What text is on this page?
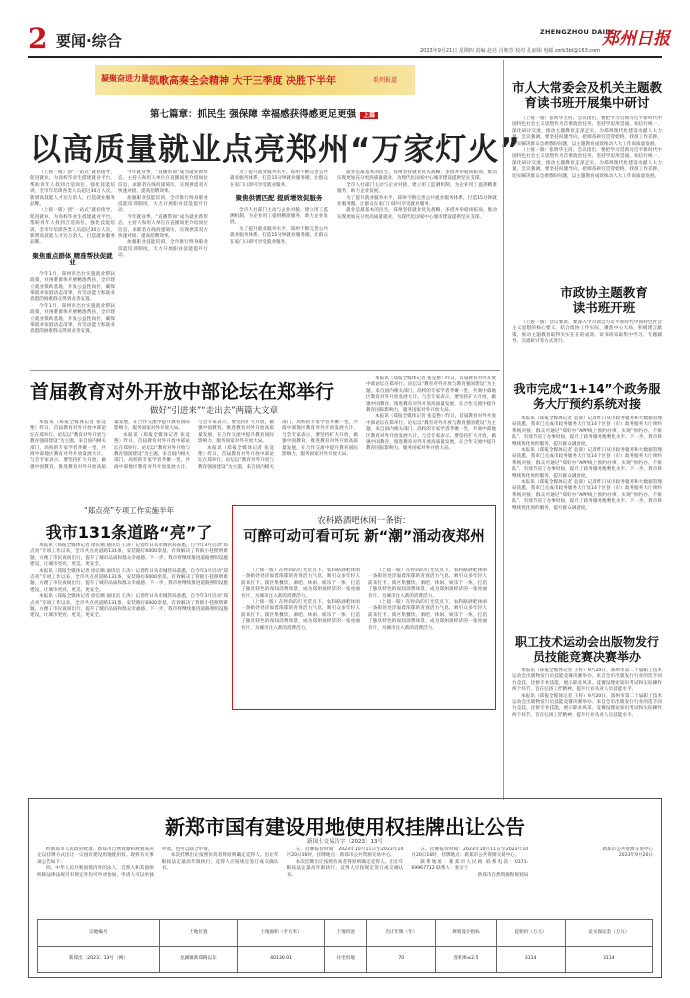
2 要闻·综合	ZHENGZHOU DAILY
郑州日报
2023年9月21日 星期四 责编 赵亮 肖朝芳 校对 孔丽娟 电邮 zzrb3bl@163.com
凝聚奋进力量 凯歌高奏全会精神 大干三季度 决胜下半年	系列报道
第七篇章：抓民生 强保障 幸福感获得感更足更强 上篇
以高质量就业点亮郑州“万家灯火”

（上接一版）创“一站式”就业指导，促进就业，为高校毕业生搭建就业平台，帮助青年人找到合适岗位。强化技能培训，全市年培训各类人员超过30万人次，新增高技能人才达万余人，打造就业服务品牌。

（上接一版）创“一站式”就业指导，促进就业，为高校毕业生搭建就业平台，帮助青年人找到合适岗位。强化技能培训，全市年培训各类人员超过30万人次，新增高技能人才达万余人，打造就业服务品牌。

聚焦重点群体 精准帮扶促就业

今年1月，郑州市出台实施就业帮扶政策，对困难群体开展精准帮扶，全市建立就业援助基地，开发公益性岗位，确保零就业家庭动态清零，有劳动能力和就业意愿的困难群众得到妥善安置。

今年1月，郑州市出台实施就业帮扶政策，对困难群体开展精准帮扶，全市建立就业援助基地，开发公益性岗位，确保零就业家庭动态清零，有劳动能力和就业意愿的困难群众得到妥善安置。

今年就业季，“直播带岗”成为就业新形态，主持人和用人单位在直播间里介绍岗位信息，求职者在线投递简历，实现供需双方快速对接，提高招聘效率。

加强职业技能培训，全市推行终身职业技能培训制度，大力开展职业技能提升行动。

今年就业季，“直播带岗”成为就业新形态，主持人和用人单位在直播间里介绍岗位信息，求职者在线投递简历，实现供需双方快速对接，提高招聘效率。

加强职业技能培训，全市推行终身职业技能培训制度，大力开展职业技能提升行动。

为了提升就业服务水平，郑州不断完善公共就业服务体系，打造15分钟就业服务圈，让群众在家门口即可享受就业服务。

聚焦供需匹配 提质增效促服务

全市人社部门主动与企业对接，建立用工监测机制，为企业用工提供精准服务，助力企业发展。

为了提升就业服务水平，郑州不断完善公共就业服务体系，打造15分钟就业服务圈，让群众在家门口即可享受就业服务。

就业是最基本的民生。郑州坚持就业优先战略，多措并举稳岗拓岗，推动实现更加充分更高质量就业，为现代化国家中心城市建设提供坚实支撑。

全市人社部门主动与企业对接，建立用工监测机制，为企业用工提供精准服务，助力企业发展。

为了提升就业服务水平，郑州不断完善公共就业服务体系，打造15分钟就业服务圈，让群众在家门口即可享受就业服务。

就业是最基本的民生。郑州坚持就业优先战略，多措并举稳岗拓岗，推动实现更加充分更高质量就业，为现代化国家中心城市建设提供坚实支撑。

市人大常委会及机关主题教育读书班开展集中研讨

（上接一版）张明华主持。会议指出，要把学习贯彻习近平新时代中国特色社会主义思想作为首要政治任务，坚持学思用贯通、知信行统一，深化研讨交流，推动主题教育走深走实，为郑州现代化建设贡献人大力量。会议强调，要坚持问题导向，把调查研究贯穿始终，找准工作差距，切实解决群众急难愁盼问题，以主题教育成效推动人大工作高质量发展。

（上接一版）张明华主持。会议指出，要把学习贯彻习近平新时代中国特色社会主义思想作为首要政治任务，坚持学思用贯通、知信行统一，深化研讨交流，推动主题教育走深走实，为郑州现代化建设贡献人大力量。会议强调，要坚持问题导向，把调查研究贯穿始终，找准工作差距，切实解决群众急难愁盼问题，以主题教育成效推动人大工作高质量发展。

市政协主题教育读书班开班

（上接一版）会议要求，要深入学习领会习近平新时代中国特色社会主义思想的核心要义，结合政协工作实际，聚焦中心大局，积极建言献策，推动主题教育取得实实在在的成效。读书班采取集中学习、专题辅导、交流研讨等方式进行。

首届教育对外开放中部论坛在郑举行
做好“引进来”“走出去”两篇大文章

本报讯（郑报全媒体记者 张竞艳）昨日，首届教育对外开放中部论坛在郑举行。论坛以“教育对外开放与教育强国建设”为主题，来自国内相关部门、高校的专家学者齐聚一堂，共商中部地区教育对外开放发展大计。与会专家表示，要坚持扩大开放，做强中国教育，推进教育对外开放高质量发展，在合作交流中提升教育国际影响力，服务国家对外开放大局。

本报讯（郑报全媒体记者 张竞艳）昨日，首届教育对外开放中部论坛在郑举行。论坛以“教育对外开放与教育强国建设”为主题，来自国内相关部门、高校的专家学者齐聚一堂，共商中部地区教育对外开放发展大计。与会专家表示，要坚持扩大开放，做强中国教育，推进教育对外开放高质量发展，在合作交流中提升教育国际影响力，服务国家对外开放大局。

本报讯（郑报全媒体记者 张竞艳）昨日，首届教育对外开放中部论坛在郑举行。论坛以“教育对外开放与教育强国建设”为主题，来自国内相关部门、高校的专家学者齐聚一堂，共商中部地区教育对外开放发展大计。与会专家表示，要坚持扩大开放，做强中国教育，推进教育对外开放高质量发展，在合作交流中提升教育国际影响力，服务国家对外开放大局。

本报讯（郑报全媒体记者 张竞艳）昨日，首届教育对外开放中部论坛在郑举行。论坛以“教育对外开放与教育强国建设”为主题，来自国内相关部门、高校的专家学者齐聚一堂，共商中部地区教育对外开放发展大计。与会专家表示，要坚持扩大开放，做强中国教育，推进教育对外开放高质量发展，在合作交流中提升教育国际影响力，服务国家对外开放大局。

本报讯（郑报全媒体记者 张竞艳）昨日，首届教育对外开放中部论坛在郑举行。论坛以“教育对外开放与教育强国建设”为主题，来自国内相关部门、高校的专家学者齐聚一堂，共商中部地区教育对外开放发展大计。与会专家表示，要坚持扩大开放，做强中国教育，推进教育对外开放高质量发展，在合作交流中提升教育国际影响力，服务国家对外开放大局。

“郑点亮”专项工作实施半年
我市131条道路“亮”了

本报讯（郑报全媒体记者 徐长顺 通讯员 王涛）记者昨日从市城管局获悉，自今年3月启动“郑点亮”专项工作以来，全市共点亮道路131条，安装路灯6000余基，有效解决了背街小巷照明难题，方便了市民夜间出行，提升了城市品质和群众幸福感。下一步，我市将继续推进道路照明设施建设，让城市更亮、更美、更安全。

本报讯（郑报全媒体记者 徐长顺 通讯员 王涛）记者昨日从市城管局获悉，自今年3月启动“郑点亮”专项工作以来，全市共点亮道路131条，安装路灯6000余基，有效解决了背街小巷照明难题，方便了市民夜间出行，提升了城市品质和群众幸福感。下一步，我市将继续推进道路照明设施建设，让城市更亮、更美、更安全。

本报讯（郑报全媒体记者 徐长顺 通讯员 王涛）记者昨日从市城管局获悉，自今年3月启动“郑点亮”专项工作以来，全市共点亮道路131条，安装路灯6000余基，有效解决了背街小巷照明难题，方便了市民夜间出行，提升了城市品质和群众幸福感。下一步，我市将继续推进道路照明设施建设，让城市更亮、更美、更安全。

农科路酒吧休闲一条街：
可醉可动可看可玩 新“潮”涌动夜郑州

（上接一版）在时尚的灯光装点下，农科路酒吧休闲一条街处处洋溢着浓郁的青春活力气息，吸引众多年轻人前来打卡。街区集餐饮、酒吧、休闲、娱乐于一体，打造了独具特色的夜间消费场景，成为郑州夜经济的一张亮丽名片，为城市注入新的消费活力。

（上接一版）在时尚的灯光装点下，农科路酒吧休闲一条街处处洋溢着浓郁的青春活力气息，吸引众多年轻人前来打卡。街区集餐饮、酒吧、休闲、娱乐于一体，打造了独具特色的夜间消费场景，成为郑州夜经济的一张亮丽名片，为城市注入新的消费活力。

（上接一版）在时尚的灯光装点下，农科路酒吧休闲一条街处处洋溢着浓郁的青春活力气息，吸引众多年轻人前来打卡。街区集餐饮、酒吧、休闲、娱乐于一体，打造了独具特色的夜间消费场景，成为郑州夜经济的一张亮丽名片，为城市注入新的消费活力。

（上接一版）在时尚的灯光装点下，农科路酒吧休闲一条街处处洋溢着浓郁的青春活力气息，吸引众多年轻人前来打卡。街区集餐饮、酒吧、休闲、娱乐于一体，打造了独具特色的夜间消费场景，成为郑州夜经济的一张亮丽名片，为城市注入新的消费活力。

我市完成“1+14”个政务服务大厅预约系统对接

本报讯（郑报全媒体记者 袁睿）记者昨日从市政务服务和大数据管理局获悉，我市已完成市政务服务大厅及14个区县（市）政务服务大厅预约系统对接，群众可通过“郑好办”APP线上预约办事，实现“预约办、不排队”，有效节省了办事时间，提升了政务服务便利化水平。下一步，我市将继续优化预约服务，提升群众满意度。

本报讯（郑报全媒体记者 袁睿）记者昨日从市政务服务和大数据管理局获悉，我市已完成市政务服务大厅及14个区县（市）政务服务大厅预约系统对接，群众可通过“郑好办”APP线上预约办事，实现“预约办、不排队”，有效节省了办事时间，提升了政务服务便利化水平。下一步，我市将继续优化预约服务，提升群众满意度。

本报讯（郑报全媒体记者 袁睿）记者昨日从市政务服务和大数据管理局获悉，我市已完成市政务服务大厅及14个区县（市）政务服务大厅预约系统对接，群众可通过“郑好办”APP线上预约办事，实现“预约办、不排队”，有效节省了办事时间，提升了政务服务便利化水平。下一步，我市将继续优化预约服务，提升群众满意度。

职工技术运动会出版物发行员技能竞赛决赛举办

本报讯（郑报全媒体记者 王梓）9月20日，郑州市第二十届职工技术运动会出版物发行员技能竞赛决赛举办。来自全市出版发行行业的选手同台竞技，比拼专业技能，展示职业风采。竞赛设理论知识考试和实际操作两个环节，旨在弘扬工匠精神，提升行业从业人员技能水平。

本报讯（郑报全媒体记者 王梓）9月20日，郑州市第二十届职工技术运动会出版物发行员技能竞赛决赛举办。来自全市出版发行行业的选手同台竞技，比拼专业技能，展示职业风采。竞赛设理论知识考试和实际操作两个环节，旨在弘扬工匠精神，提升行业从业人员技能水平。

新郑市国有建设用地使用权挂牌出让公告
新国土交易告字〔2023〕13号

经新郑市人民政府批准，新郑市自然资源和规划局决定以挂牌方式出让一宗国有建设用地使用权。现将有关事项公告如下：

四、中华人民共和国境内外的法人、自然人和其他组织除法律法规另有规定外均可申请参加，申请人可以单独申请，也可以联合申请。

本次挂牌出让按照价高者得原则确定竞得人。出让年限按法定最高年限执行，竞得人应按规定签订成交确认书。

五、挂牌报价时间：2023年10月11日至2023年10月20日16时，挂牌地点：新郑市公共资源交易中心。

本次挂牌出让按照价高者得原则确定竞得人。出让年限按法定最高年限执行，竞得人应按规定签订成交确认书。

五、挂牌报价时间：2023年10月11日至2023年10月20日16时，挂牌地点：新郑市公共资源交易中心。

联系地址：新郑市人民路 联系电话：0371-69967712 联系人：张女士

新郑市自然资源和规划局
新郑市公共资源交易中心
2023年9月20日
宗地编号	土地位置	土地面积（平方米）	土地用途	出让年限（年）	规划设计指标	起始价（万元）	竞买保证金（万元）
新郑出〔2023〕13号（网）	龙湖镇新郑路以东	40130.01	住宅用地	70	容积率≤2.5	3114	3114
